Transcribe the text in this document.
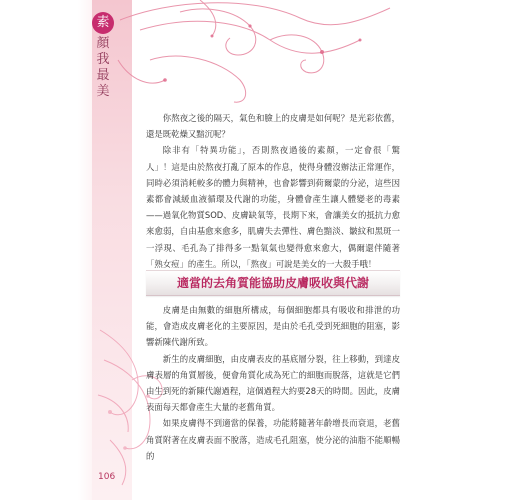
素
顏
我
最
美

你熬夜之後的隔天，氣色和臉上的皮膚是如何呢？是光彩依舊，還是既乾燥又黯沉呢？

除非有「特異功能」，否則熬夜過後的素顏，一定會很「驚人」！這是由於熬夜打亂了原本的作息，使得身體沒辦法正常運作，同時必須消耗較多的體力與精神，也會影響到荷爾蒙的分泌，這些因素都會減緩血液循環及代謝的功能，身體會產生讓人體變老的毒素——過氧化物質SOD、皮膚缺氧等，長期下來，會讓美女的抵抗力愈來愈弱，自由基愈來愈多，肌膚失去彈性、膚色黯淡、皺紋和黑斑一一浮現、毛孔為了排得多一點氧氣也變得愈來愈大，偶爾還伴隨著「熟女痘」的產生。所以，「熬夜」可說是美女的一大殺手哦！

適當的去角質能協助皮膚吸收與代謝

皮膚是由無數的細胞所構成，每個細胞都具有吸收和排泄的功能，會造成皮膚老化的主要原因，是由於毛孔受到死細胞的阻塞，影響新陳代謝所致。

新生的皮膚細胞，由皮膚表皮的基底層分裂，往上移動，到達皮膚表層的角質層後，便會角質化成為死亡的細胞而脫落，這就是它們由生到死的新陳代謝過程，這個過程大約要28天的時間。因此，皮膚表面每天都會產生大量的老舊角質。

如果皮膚得不到適當的保養，功能將隨著年齡增長而衰退，老舊角質附著在皮膚表面不脫落，造成毛孔阻塞，使分泌的油脂不能順暢的

106
